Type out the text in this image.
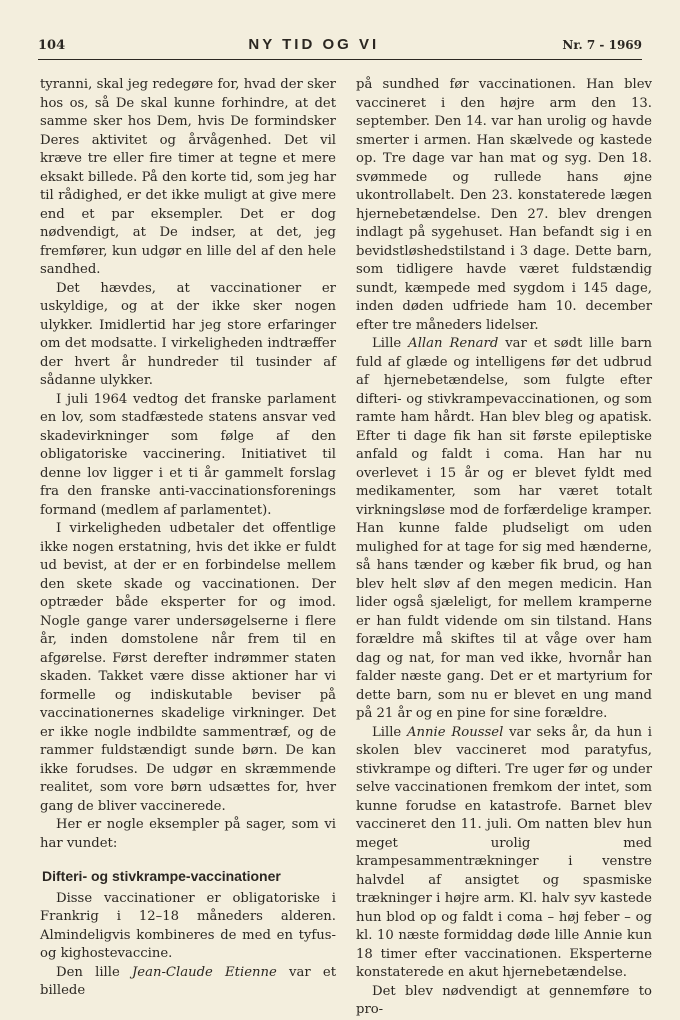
104	NY TID OG VI	Nr. 7 - 1969

tyranni, skal jeg redegøre for, hvad der sker hos os, så De skal kunne forhindre, at det samme sker hos Dem, hvis De formindsker Deres aktivitet og årvågenhed. Det vil kræve tre eller fire timer at tegne et mere eksakt billede. På den korte tid, som jeg har til rådighed, er det ikke muligt at give mere end et par eksempler. Det er dog nødvendigt, at De indser, at det, jeg fremfører, kun udgør en lille del af den hele sandhed.

Det hævdes, at vaccinationer er uskyldige, og at der ikke sker nogen ulykker. Imidlertid har jeg store erfaringer om det modsatte. I virkeligheden indtræffer der hvert år hundreder til tusinder af sådanne ulykker.

I juli 1964 vedtog det franske parlament en lov, som stadfæstede statens ansvar ved skadevirkninger som følge af den obligatoriske vaccinering. Initiativet til denne lov ligger i et ti år gammelt forslag fra den franske anti-vaccinationsforenings formand (medlem af parlamentet).

I virkeligheden udbetaler det offentlige ikke nogen erstatning, hvis det ikke er fuldt ud bevist, at der er en forbindelse mellem den skete skade og vaccinationen. Der optræder både eksperter for og imod. Nogle gange varer undersøgelserne i flere år, inden domstolene når frem til en afgørelse. Først derefter indrømmer staten skaden. Takket være disse aktioner har vi formelle og indiskutable beviser på vaccinationernes skadelige virkninger. Det er ikke nogle indbildte sammentræf, og de rammer fuldstændigt sunde børn. De kan ikke forudses. De udgør en skræmmende realitet, som vore børn udsættes for, hver gang de bliver vaccinerede.

Her er nogle eksempler på sager, som vi har vundet:

Difteri- og stivkrampe-vaccinationer

Disse vaccinationer er obligatoriske i Frankrig i 12–18 måneders alderen. Almindeligvis kombineres de med en tyfus- og kighostevaccine.

Den lille Jean-Claude Etienne var et billede

på sundhed før vaccinationen. Han blev vaccineret i den højre arm den 13. september. Den 14. var han urolig og havde smerter i armen. Han skælvede og kastede op. Tre dage var han mat og syg. Den 18. svømmede og rullede hans øjne ukontrollabelt. Den 23. konstaterede lægen hjernebetændelse. Den 27. blev drengen indlagt på sygehuset. Han befandt sig i en bevidstløshedstilstand i 3 dage. Dette barn, som tidligere havde været fuldstændig sundt, kæmpede med sygdom i 145 dage, inden døden udfriede ham 10. december efter tre måneders lidelser.

Lille Allan Renard var et sødt lille barn fuld af glæde og intelligens før det udbrud af hjernebetændelse, som fulgte efter difteri- og stivkrampevaccinationen, og som ramte ham hårdt. Han blev bleg og apatisk. Efter ti dage fik han sit første epileptiske anfald og faldt i coma. Han har nu overlevet i 15 år og er blevet fyldt med medikamenter, som har været totalt virkningsløse mod de forfærdelige kramper. Han kunne falde pludseligt om uden mulighed for at tage for sig med hænderne, så hans tænder og kæber fik brud, og han blev helt sløv af den megen medicin. Han lider også sjæleligt, for mellem kramperne er han fuldt vidende om sin tilstand. Hans forældre må skiftes til at våge over ham dag og nat, for man ved ikke, hvornår han falder næste gang. Det er et martyrium for dette barn, som nu er blevet en ung mand på 21 år og en pine for sine forældre.

Lille Annie Roussel var seks år, da hun i skolen blev vaccineret mod paratyfus, stivkrampe og difteri. Tre uger før og under selve vaccinationen fremkom der intet, som kunne forudse en katastrofe. Barnet blev vaccineret den 11. juli. Om natten blev hun meget urolig med krampesammentrækninger i venstre halvdel af ansigtet og spasmiske trækninger i højre arm. Kl. halv syv kastede hun blod op og faldt i coma – høj feber – og kl. 10 næste formiddag døde lille Annie kun 18 timer efter vaccinationen. Eksperterne konstaterede en akut hjernebetændelse.

Det blev nødvendigt at gennemføre to pro-
